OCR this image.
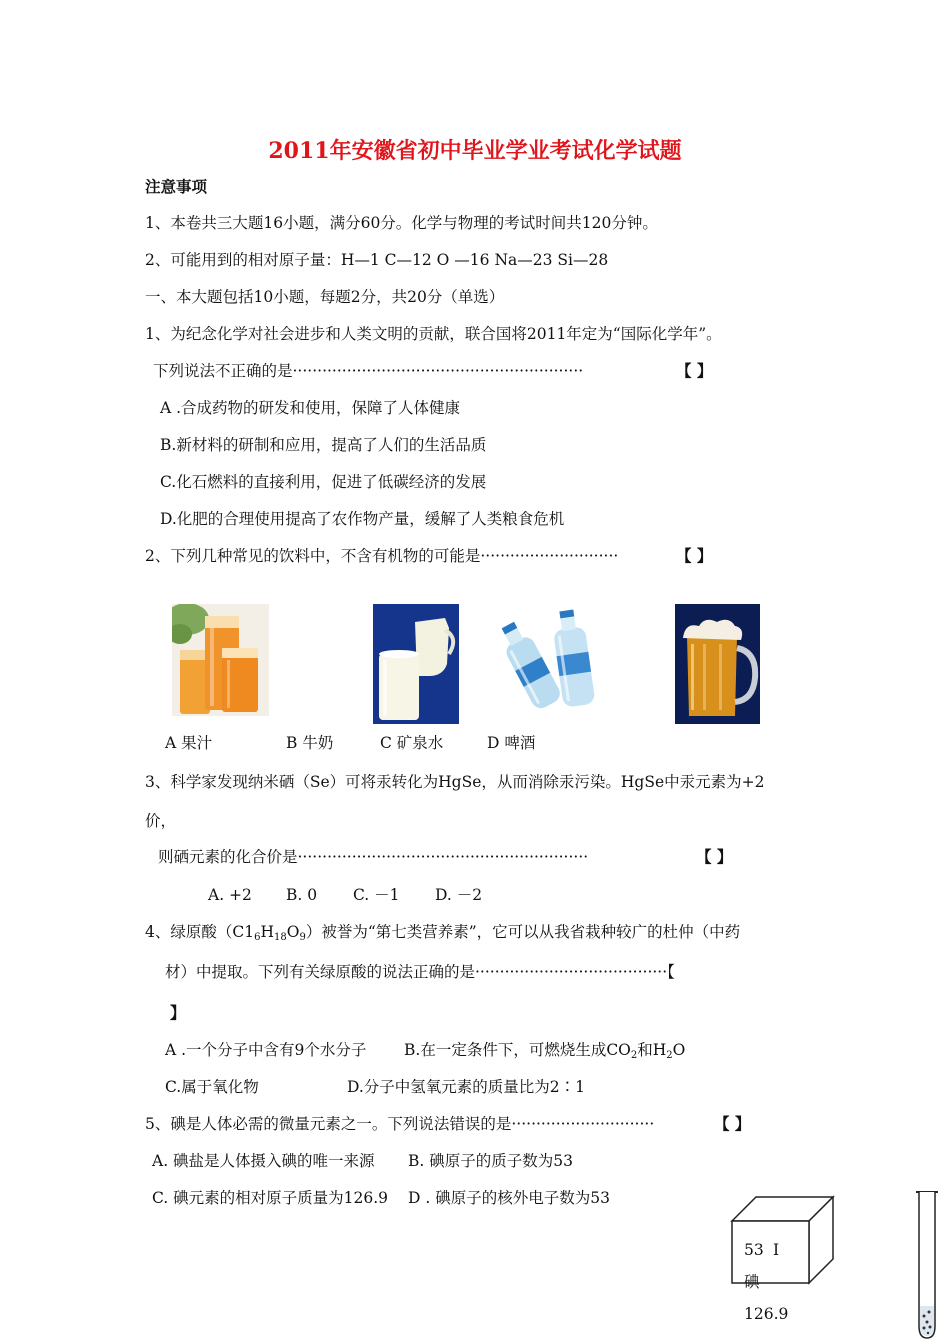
2011年安徽省初中毕业学业考试化学试题
注意事项
1、本卷共三大题16小题，满分60分。化学与物理的考试时间共120分钟。
2、可能用到的相对原子量：H—1 C—12 O —16 Na—23 Si—28
一、本大题包括10小题，每题2分，共20分（单选）
1、为纪念化学对社会进步和人类文明的贡献，联合国将2011年定为“国际化学年”。
下列说法不正确的是···························································	【 】
A .合成药物的研发和使用，保障了人体健康
B.新材料的研制和应用，提高了人们的生活品质
C.化石燃料的直接利用，促进了低碳经济的发展
D.化肥的合理使用提高了农作物产量，缓解了人类粮食危机
2、下列几种常见的饮料中，不含有机物的可能是····························	【 】
A 果汁	B 牛奶	C 矿泉水	D 啤酒
3、科学家发现纳米硒（Se）可将汞转化为HgSe，从而消除汞污染。HgSe中汞元素为+2
价，
则硒元素的化合价是···························································	【 】
A. +2 B. 0 C. －1 D. －2
4、绿原酸$(C1_6H_{18}O_9)$被誉为“第七类营养素”，它可以从我省栽种较广的杜仲（中药
材）中提取。下列有关绿原酸的说法正确的是·······································【
】
A .一个分子中含有9个水分子 B.在一定条件下，可燃烧生成$CO_2$和$H_2O$
C.属于氧化物	D.分子中氢氧元素的质量比为2∶1
5、碘是人体必需的微量元素之一。下列说法错误的是·····························	【 】
A. 碘盐是人体摄入碘的唯一来源 B. 碘原子的质子数为53
C. 碘元素的相对原子质量为126.9 D . 碘原子的核外电子数为53
53 I
碘
126.9
